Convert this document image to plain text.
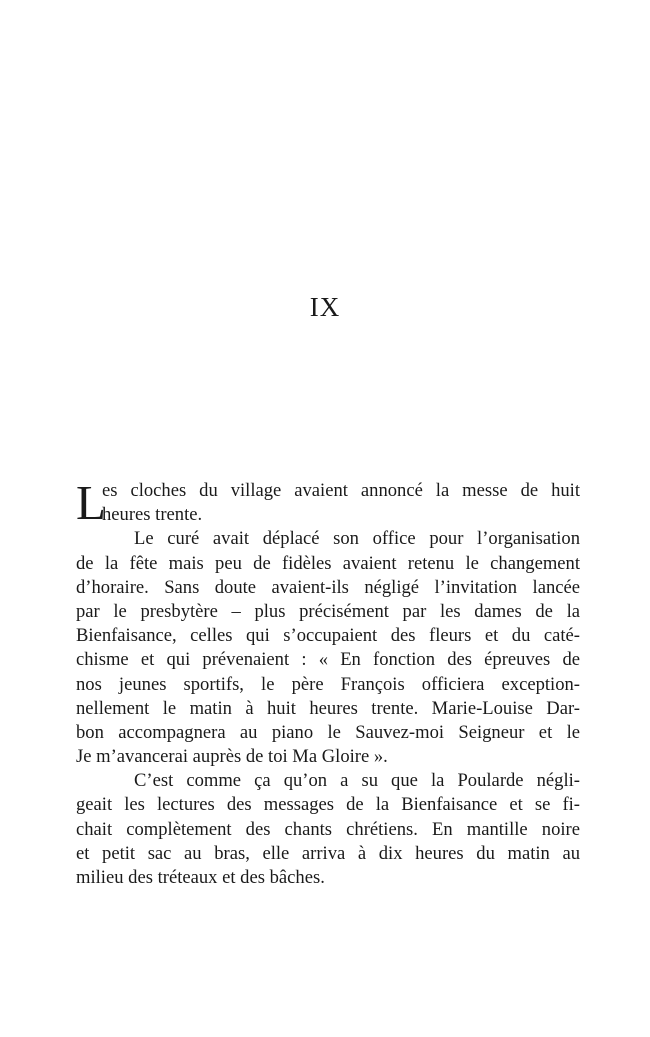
IX
L
es cloches du village avaient annoncé la messe de huit
heures trente.
Le curé avait déplacé son office pour l’organisation
de la fête mais peu de fidèles avaient retenu le changement
d’horaire. Sans doute avaient-ils négligé l’invitation lancée
par le presbytère – plus précisément par les dames de la
Bienfaisance, celles qui s’occupaient des fleurs et du caté-
chisme et qui prévenaient : « En fonction des épreuves de
nos jeunes sportifs, le père François officiera exception-
nellement le matin à huit heures trente. Marie-Louise Dar-
bon accompagnera au piano le Sauvez-moi Seigneur et le
Je m’avancerai auprès de toi Ma Gloire ».
C’est comme ça qu’on a su que la Poularde négli-
geait les lectures des messages de la Bienfaisance et se fi-
chait complètement des chants chrétiens. En mantille noire
et petit sac au bras, elle arriva à dix heures du matin au
milieu des tréteaux et des bâches.
